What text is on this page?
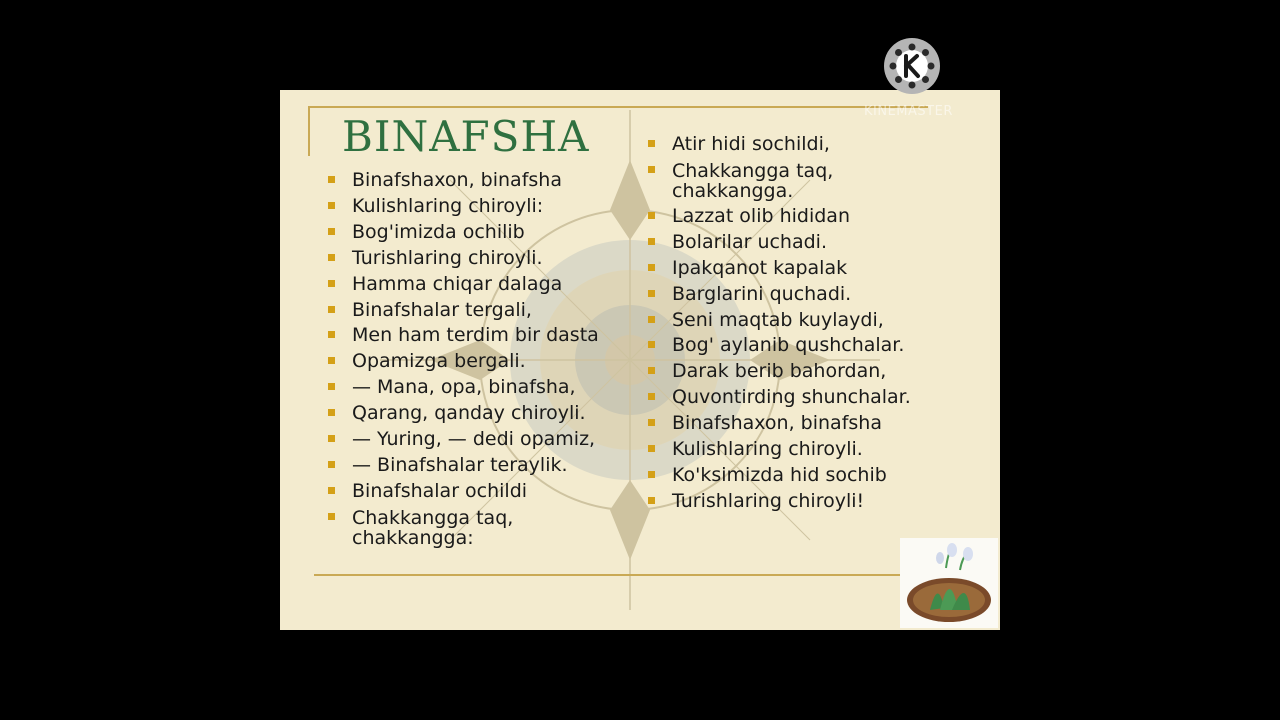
BINAFSHA
Binafshaxon, binafsha
Kulishlaring chiroyli:
Bog'imizda ochilib
Turishlaring chiroyli.
Hamma chiqar dalaga
Binafshalar tergali,
Men ham terdim bir dasta
Opamizga bergali.
— Mana, opa, binafsha,
Qarang, qanday chiroyli.
— Yuring, — dedi opamiz,
— Binafshalar teraylik.
Binafshalar ochildi
Chakkangga taq,
chakkangga:
Atir hidi sochildi,
Chakkangga taq,
chakkangga.
Lazzat olib hididan
Bolarilar uchadi.
Ipakqanot kapalak
Barglarini quchadi.
Seni maqtab kuylaydi,
Bog' aylanib qushchalar.
Darak berib bahordan,
Quvontirding shunchalar.
Binafshaxon, binafsha
Kulishlaring chiroyli.
Ko'ksimizda hid sochib
Turishlaring chiroyli!
KINEMASTER
